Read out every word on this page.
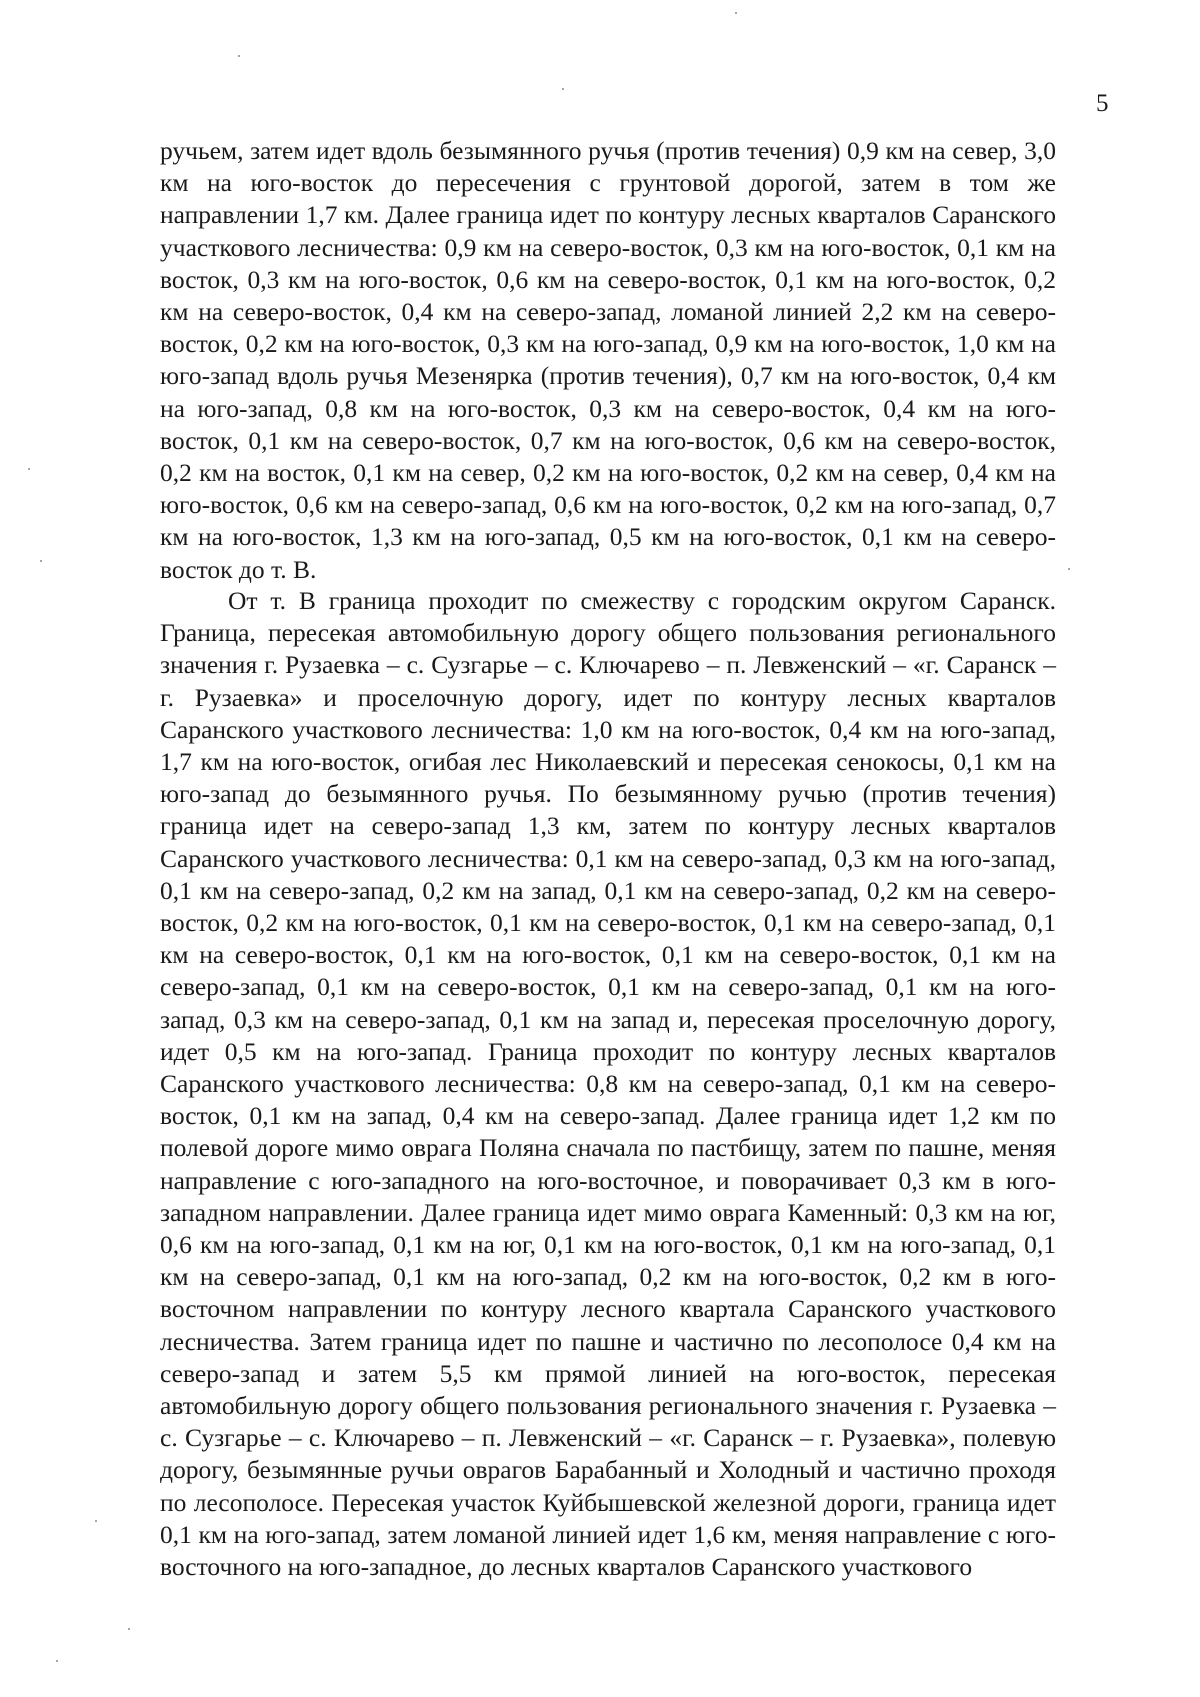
5
ручьем, затем идет вдоль безымянного ручья (против течения) 0,9 км на север, 3,0 км на юго-восток до пересечения с грунтовой дорогой, затем в том же направлении 1,7 км. Далее граница идет по контуру лесных кварталов Саранского участкового лесничества: 0,9 км на северо-восток, 0,3 км на юго-восток, 0,1 км на восток, 0,3 км на юго-восток, 0,6 км на северо-восток, 0,1 км на юго-восток, 0,2 км на северо-восток, 0,4 км на северо-запад, ломаной линией 2,2 км на северо-восток, 0,2 км на юго-восток, 0,3 км на юго-запад, 0,9 км на юго-восток, 1,0 км на юго-запад вдоль ручья Мезенярка (против течения), 0,7 км на юго-восток, 0,4 км на юго-запад, 0,8 км на юго-восток, 0,3 км на северо-восток, 0,4 км на юго-восток, 0,1 км на северо-восток, 0,7 км на юго-восток, 0,6 км на северо-восток, 0,2 км на восток, 0,1 км на север, 0,2 км на юго-восток, 0,2 км на север, 0,4 км на юго-восток, 0,6 км на северо-запад, 0,6 км на юго-восток, 0,2 км на юго-запад, 0,7 км на юго-восток, 1,3 км на юго-запад, 0,5 км на юго-восток, 0,1 км на северо-восток до т. В.
От т. В граница проходит по смежеству с городским округом Саранск. Граница, пересекая автомобильную дорогу общего пользования регионального значения г. Рузаевка – с. Сузгарье – с. Ключарево – п. Левженский – «г. Саранск – г. Рузаевка» и проселочную дорогу, идет по контуру лесных кварталов Саранского участкового лесничества: 1,0 км на юго-восток, 0,4 км на юго-запад, 1,7 км на юго-восток, огибая лес Николаевский и пересекая сенокосы, 0,1 км на юго-запад до безымянного ручья. По безымянному ручью (против течения) граница идет на северо-запад 1,3 км, затем по контуру лесных кварталов Саранского участкового лесничества: 0,1 км на северо-запад, 0,3 км на юго-запад, 0,1 км на северо-запад, 0,2 км на запад, 0,1 км на северо-запад, 0,2 км на северо-восток, 0,2 км на юго-восток, 0,1 км на северо-восток, 0,1 км на северо-запад, 0,1 км на северо-восток, 0,1 км на юго-восток, 0,1 км на северо-восток, 0,1 км на северо-запад, 0,1 км на северо-восток, 0,1 км на северо-запад, 0,1 км на юго-запад, 0,3 км на северо-запад, 0,1 км на запад и, пересекая проселочную дорогу, идет 0,5 км на юго-запад. Граница проходит по контуру лесных кварталов Саранского участкового лесничества: 0,8 км на северо-запад, 0,1 км на северо-восток, 0,1 км на запад, 0,4 км на северо-запад. Далее граница идет 1,2 км по полевой дороге мимо оврага Поляна сначала по пастбищу, затем по пашне, меняя направление с юго-западного на юго-восточное, и поворачивает 0,3 км в юго-западном направлении. Далее граница идет мимо оврага Каменный: 0,3 км на юг, 0,6 км на юго-запад, 0,1 км на юг, 0,1 км на юго-восток, 0,1 км на юго-запад, 0,1 км на северо-запад, 0,1 км на юго-запад, 0,2 км на юго-восток, 0,2 км в юго-восточном направлении по контуру лесного квартала Саранского участкового лесничества. Затем граница идет по пашне и частично по лесополосе 0,4 км на северо-запад и затем 5,5 км прямой линией на юго-восток, пересекая автомобильную дорогу общего пользования регионального значения г. Рузаевка – с. Сузгарье – с. Ключарево – п. Левженский – «г. Саранск – г. Рузаевка», полевую дорогу, безымянные ручьи оврагов Барабанный и Холодный и частично проходя по лесополосе. Пересекая участок Куйбышевской железной дороги, граница идет 0,1 км на юго-запад, затем ломаной линией идет 1,6 км, меняя направление с юго-восточного на юго-западное, до лесных кварталов Саранского участкового
